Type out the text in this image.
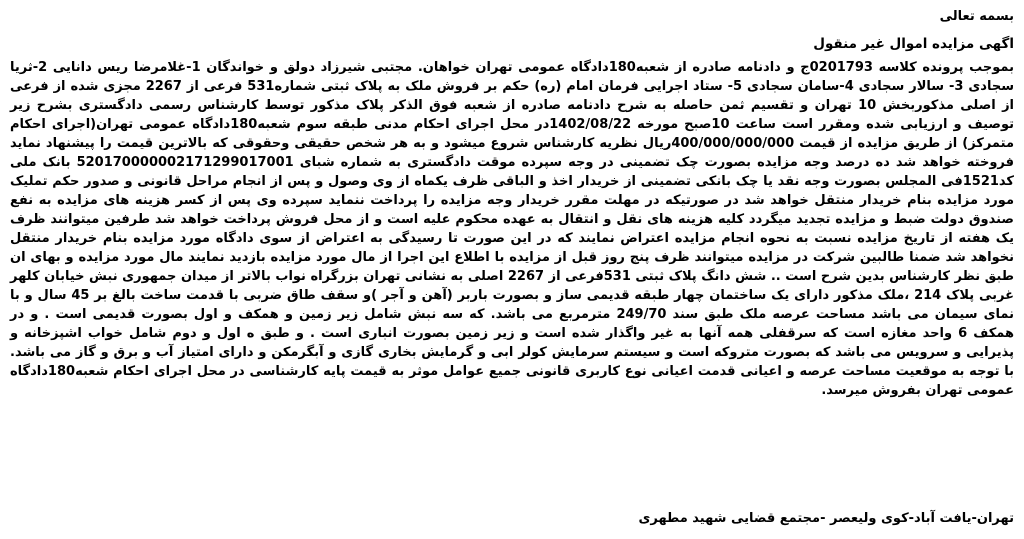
بسمه تعالی

اگهی مزایده اموال غیر منقول

بموجب پرونده کلاسه 0201793ج و دادنامه صادره از شعبه180دادگاه عمومی تهران خواهان. مجتبی شیرزاد دولق و خواندگان 1-غلامرضا ریس دانایی 2-ثریا سجادی 3- سالار سجادی 4-سامان سجادی 5- ستاد اجرایی فرمان امام (ره) حکم بر فروش ملک به پلاک ثبتی شماره531 فرعی از 2267 مجزی شده از فرعی از اصلی مذکوربخش 10 تهران و تقسیم ثمن حاصله به شرح دادنامه صادره از شعبه فوق الذکر پلاک مذکور توسط کارشناس رسمی دادگستری بشرح زیر توصیف و ارزیابی شده ومقرر است ساعت 10صبح مورخه 1402/08/22در محل اجرای احکام مدنی طبقه سوم شعبه180دادگاه عمومی تهران(اجرای احکام متمرکز) از طریق مزایده از قیمت 400/000/000/000ریال نظریه کارشناس شروع میشود و به هر شخص حقیقی وحقوقی که بالاترین قیمت را پیشنهاد نماید فروخته خواهد شد ده درصد وجه مزایده بصورت چک تضمینی در وجه سپرده موقت دادگستری به شماره شبای 520170000002171299017001 بانک ملی کد1521فی المجلس بصورت وجه نقد یا چک بانکی تضمینی از خریدار اخذ و الباقی ظرف یکماه از وی وصول و پس از انجام مراحل قانونی و صدور حکم تملیک مورد مزایده بنام خریدار منتقل خواهد شد در صورتیکه در مهلت مقرر خریدار وجه مزایده را پرداخت ننماید سپرده وی پس از کسر هزینه های مزایده به نفع صندوق دولت ضبط و مزایده تجدید میگردد کلیه هزینه های نقل و انتقال به عهده محکوم علیه است و از محل فروش پرداخت خواهد شد طرفین میتوانند ظرف یک هفته از تاریخ مزایده نسبت به نحوه انجام مزایده اعتراض نمایند که در این صورت تا رسیدگی به اعتراض از سوی دادگاه مورد مزایده بنام خریدار منتقل نخواهد شد ضمنا طالبین شرکت در مزایده میتوانند ظرف پنج روز قبل از مزایده با اطلاع این اجرا از مال مورد مزایده بازدید نمایند مال مورد مزایده و بهای ان طبق نظر کارشناس بدین شرح است .. شش دانگ پلاک ثبتی 531فرعی از 2267 اصلی به نشانی تهران بزرگراه نواب بالاتر از میدان جمهوری نبش خیابان کلهر غربی پلاک 214 ،ملک مذکور دارای یک ساختمان چهار طبقه قدیمی ساز و بصورت باربر (آهن و آجر )و سقف طاق ضربی با قدمت ساخت بالغ بر 45 سال و با نمای سیمان می باشد مساحت عرصه ملک طبق سند 249/70 مترمربع می باشد. که سه نبش شامل زیر زمین و همکف و اول بصورت قدیمی است . و در همکف 6 واحد مغازه است که سرقفلی همه آنها به غیر واگذار شده است و زیر زمین بصورت انباری است . و طبق ه اول و دوم شامل خواب اشپزخانه و پذیرایی و سرویس می باشد که بصورت متروکه است و سیستم سرمایش کولر ابی و گرمایش بخاری گازی و آبگرمکن و دارای امتیاز آب و برق و گاز می باشد. با توجه به موقعیت مساحت عرصه و اعیانی قدمت اعیانی نوع کاربری قانونی جمیع عوامل موثر به قیمت پایه کارشناسی در محل اجرای احکام شعبه180دادگاه عمومی تهران بفروش میرسد.

تهران-یافت آباد-کوی ولیعصر -مجتمع قضایی شهید مطهری
